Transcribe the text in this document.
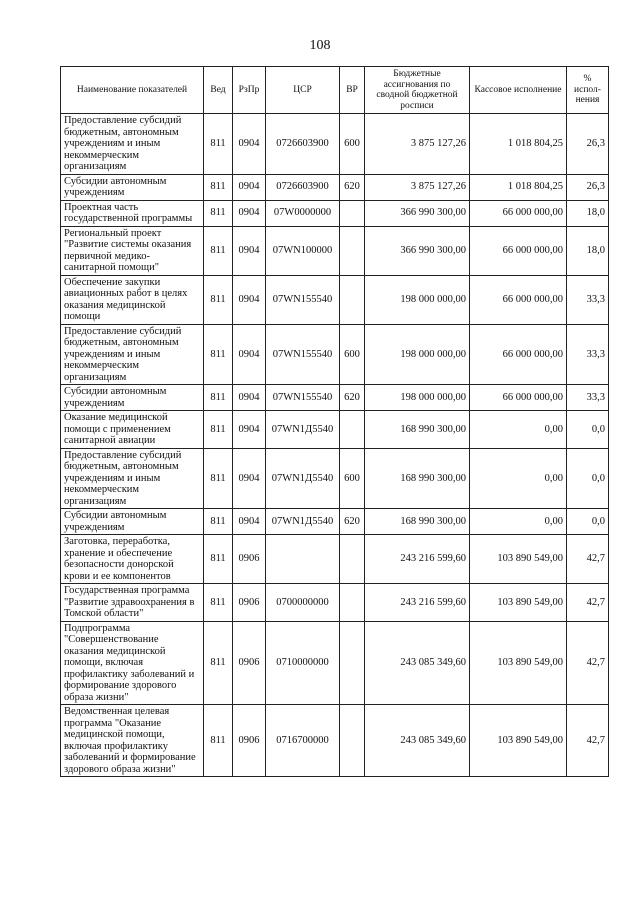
108
Наименование показателей	Вед	РзПр	ЦСР	ВР	Бюджетные ассигнования по сводной бюджетной росписи	Кассовое исполнение	% испол-нения
Предоставление субсидий бюджетным, автономным учреждениям и иным некоммерческим организациям	811	0904	0726603900	600	3 875 127,26	1 018 804,25	26,3
Субсидии автономным учреждениям	811	0904	0726603900	620	3 875 127,26	1 018 804,25	26,3
Проектная часть государственной программы	811	0904	07W0000000		366 990 300,00	66 000 000,00	18,0
Региональный проект "Развитие системы оказания первичной медико-санитарной помощи"	811	0904	07WN100000		366 990 300,00	66 000 000,00	18,0
Обеспечение закупки авиационных работ в целях оказания медицинской помощи	811	0904	07WN155540		198 000 000,00	66 000 000,00	33,3
Предоставление субсидий бюджетным, автономным учреждениям и иным некоммерческим организациям	811	0904	07WN155540	600	198 000 000,00	66 000 000,00	33,3
Субсидии автономным учреждениям	811	0904	07WN155540	620	198 000 000,00	66 000 000,00	33,3
Оказание медицинской помощи с применением санитарной авиации	811	0904	07WN1Д5540		168 990 300,00	0,00	0,0
Предоставление субсидий бюджетным, автономным учреждениям и иным некоммерческим организациям	811	0904	07WN1Д5540	600	168 990 300,00	0,00	0,0
Субсидии автономным учреждениям	811	0904	07WN1Д5540	620	168 990 300,00	0,00	0,0
Заготовка, переработка, хранение и обеспечение безопасности донорской крови и ее компонентов	811	0906			243 216 599,60	103 890 549,00	42,7
Государственная программа "Развитие здравоохранения в Томской области"	811	0906	0700000000		243 216 599,60	103 890 549,00	42,7
Подпрограмма "Совершенствование оказания медицинской помощи, включая профилактику заболеваний и формирование здорового образа жизни"	811	0906	0710000000		243 085 349,60	103 890 549,00	42,7
Ведомственная целевая программа "Оказание медицинской помощи, включая профилактику заболеваний и формирование здорового образа жизни"	811	0906	0716700000		243 085 349,60	103 890 549,00	42,7
